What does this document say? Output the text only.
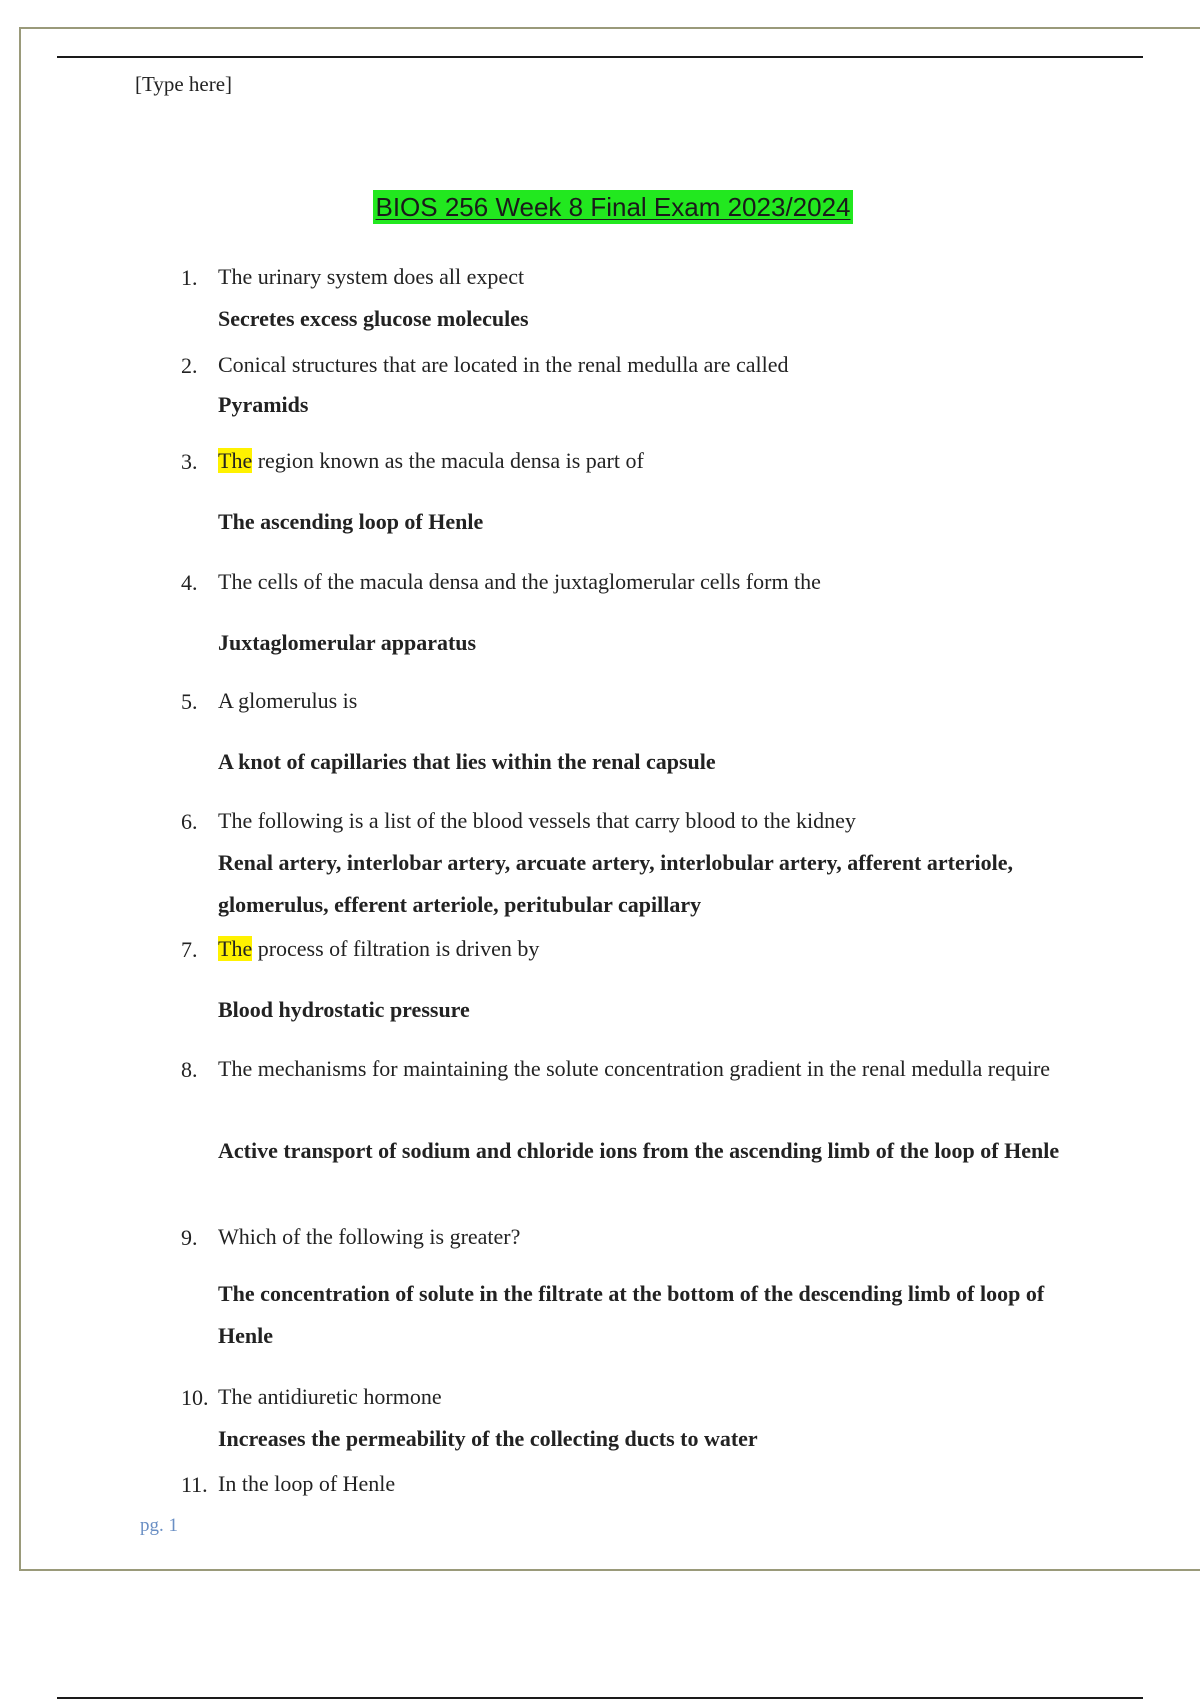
[Type here]
BIOS 256 Week 8 Final Exam 2023/2024
1. The urinary system does all expect
Secretes excess glucose molecules
2. Conical structures that are located in the renal medulla are called
Pyramids
3. The region known as the macula densa is part of
The ascending loop of Henle
4. The cells of the macula densa and the juxtaglomerular cells form the
Juxtaglomerular apparatus
5. A glomerulus is
A knot of capillaries that lies within the renal capsule
6. The following is a list of the blood vessels that carry blood to the kidney
Renal artery, interlobar artery, arcuate artery, interlobular artery, afferent arteriole, glomerulus, efferent arteriole, peritubular capillary
7. The process of filtration is driven by
Blood hydrostatic pressure
8. The mechanisms for maintaining the solute concentration gradient in the renal medulla require
Active transport of sodium and chloride ions from the ascending limb of the loop of Henle
9. Which of the following is greater?
The concentration of solute in the filtrate at the bottom of the descending limb of loop of Henle
10. The antidiuretic hormone
Increases the permeability of the collecting ducts to water
11. In the loop of Henle
pg. 1
